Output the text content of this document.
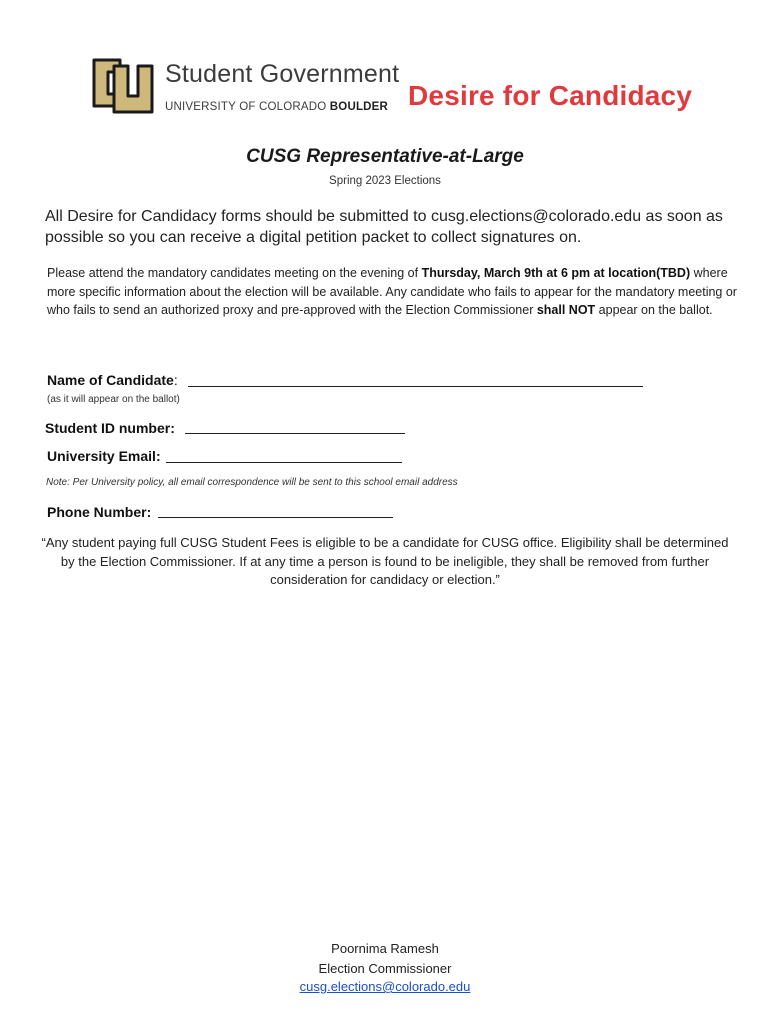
Student Government
UNIVERSITY OF COLORADO BOULDER Desire for Candidacy
CUSG Representative-at-Large
Spring 2023 Elections
All Desire for Candidacy forms should be submitted to cusg.elections@colorado.edu as soon as possible so you can receive a digital petition packet to collect signatures on.
Please attend the mandatory candidates meeting on the evening of Thursday, March 9th at 6 pm at location(TBD) where more specific information about the election will be available. Any candidate who fails to appear for the mandatory meeting or who fails to send an authorized proxy and pre-approved with the Election Commissioner shall NOT appear on the ballot.
Name of Candidate:
(as it will appear on the ballot)
Student ID number:
University Email:
Note: Per University policy, all email correspondence will be sent to this school email address
Phone Number:
“Any student paying full CUSG Student Fees is eligible to be a candidate for CUSG office. Eligibility shall be determined by the Election Commissioner. If at any time a person is found to be ineligible, they shall be removed from further consideration for candidacy or election.”
Poornima Ramesh
Election Commissioner
cusg.elections@colorado.edu
